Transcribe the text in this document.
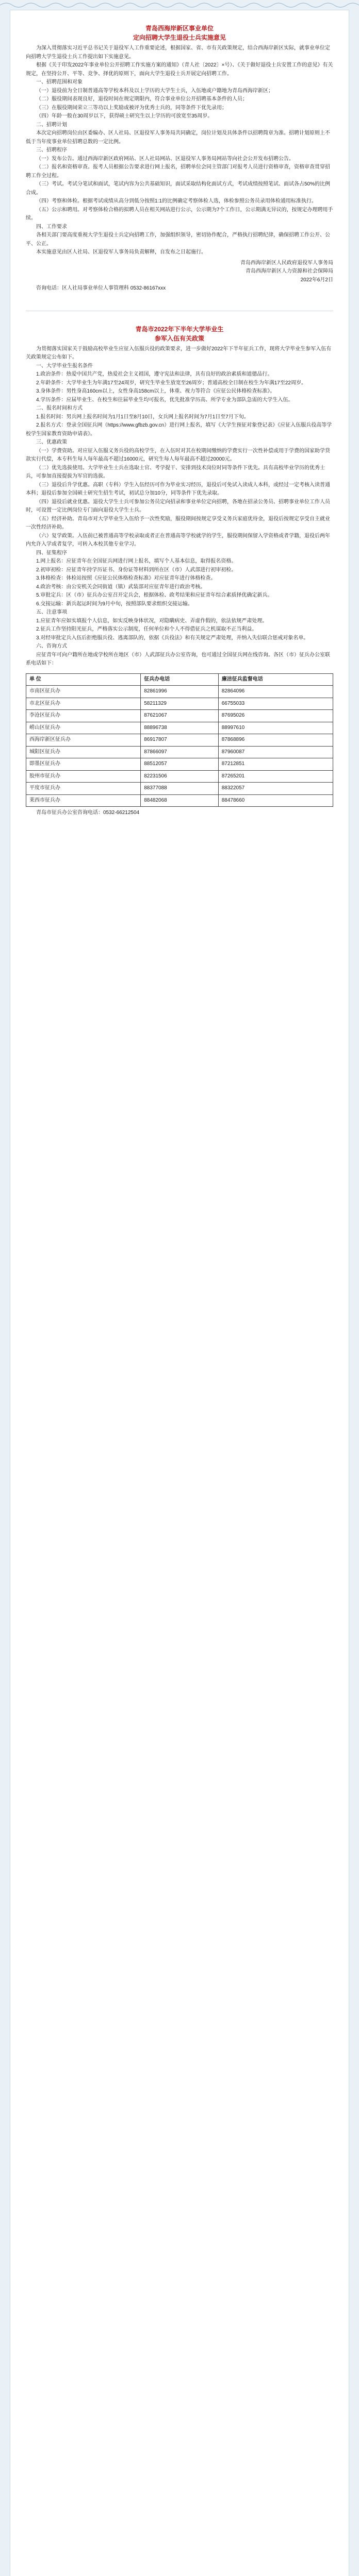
青岛西海岸新区事业单位
定向招聘大学生退役士兵实施意见

为深入贯彻落实习近平总书记关于退役军人工作重要论述，根据国家、省、市有关政策规定，结合西海岸新区实际，就事业单位定向招聘大学生退役士兵工作提出如下实施意见。

根据《关于印发2022年事业单位公开招聘工作实施方案的通知》（青人社〔2022〕×号）、《关于做好退役士兵安置工作的意见》有关规定，在坚持公开、平等、竞争、择优的原则下，面向大学生退役士兵开展定向招聘工作。

一、招聘范围和对象

（一）退役前为全日制普通高等学校本科及以上学历的大学生士兵，入伍地或户籍地为青岛西海岸新区；

（二）服役期间表现良好，退役时间在规定期限内，符合事业单位公开招聘基本条件的人员；

（三）在服役期间荣立三等功以上奖励或被评为优秀士兵的，同等条件下优先录用；

（四）年龄一般在30周岁以下，获得硕士研究生以上学历的可放宽至35周岁。

二、招聘计划

本次定向招聘岗位由区委编办、区人社局、区退役军人事务局共同确定，岗位计划及具体条件以招聘简章为准。招聘计划原则上不低于当年度事业单位招聘总数的一定比例。

三、招聘程序

（一）发布公告。通过西海岸新区政府网站、区人社局网站、区退役军人事务局网站等向社会公开发布招聘公告。

（二）报名和资格审查。报考人员根据公告要求进行网上报名，招聘单位会同主管部门对报考人员进行资格审查，资格审查贯穿招聘工作全过程。

（三）考试。考试分笔试和面试，笔试内容为公共基础知识，面试采取结构化面试方式，考试成绩按照笔试、面试各占50%的比例合成。

（四）考察和体检。根据考试成绩从高分到低分按照1:1的比例确定考察体检人选，体检参照公务员录用体检通用标准执行。

（五）公示和聘用。对考察体检合格的拟聘人员在相关网站进行公示，公示期为7个工作日，公示期满无异议的，按规定办理聘用手续。

四、工作要求

各相关部门要高度重视大学生退役士兵定向招聘工作，加强组织领导，密切协作配合，严格执行招聘纪律，确保招聘工作公开、公平、公正。

本实施意见由区人社局、区退役军人事务局负责解释，自发布之日起施行。

青岛西海岸新区人民政府退役军人事务局

青岛西海岸新区人力资源和社会保障局

2022年6月2日

咨询电话：区人社局事业单位人事管理科 0532-86167xxx

青岛市2022年下半年大学毕业生
参军入伍有关政策

为贯彻落实国家关于鼓励高校毕业生应征入伍服兵役的政策要求，进一步做好2022年下半年征兵工作，现将大学毕业生参军入伍有关政策规定公布如下。

一、大学毕业生报名条件

1.政治条件：热爱中国共产党，热爱社会主义祖国，遵守宪法和法律，具有良好的政治素质和道德品行。

2.年龄条件：大学毕业生为年满17至24周岁，研究生毕业生放宽至26周岁；普通高校全日制在校生为年满17至22周岁。

3.身体条件：男性身高160cm以上，女性身高158cm以上，体重、视力等符合《应征公民体格检查标准》。

4.学历条件：应届毕业生、在校生和往届毕业生均可报名，优先批准学历高、所学专业为部队急需的大学生入伍。

二、报名时间和方式

1.报名时间：男兵网上报名时间为1月1日至8月10日，女兵网上报名时间为7月1日至7月下旬。

2.报名方式：登录全国征兵网（https://www.gfbzb.gov.cn）进行网上报名，填写《大学生预征对象登记表》《应征入伍服兵役高等学校学生国家教育资助申请表》。

三、优惠政策

（一）学费资助。对应征入伍服义务兵役的高校学生，在入伍时对其在校期间缴纳的学费实行一次性补偿或用于学费的国家助学贷款实行代偿，本专科生每人每年最高不超过16000元，研究生每人每年最高不超过20000元。

（二）优先选拔使用。大学毕业生士兵在选取士官、考学提干、安排到技术岗位时同等条件下优先。具有高校毕业学历的优秀士兵，可参加直接提拔为军官的选拔。

（三）退役后升学优惠。高职（专科）学生入伍经历可作为毕业实习经历，退役后可免试入读成人本科，或经过一定考核入读普通本科；退役后参加全国硕士研究生招生考试，初试总分加10分，同等条件下优先录取。

（四）退役后就业优惠。退役大学生士兵可参加公务员定向招录和事业单位定向招聘，各地在招录公务员、招聘事业单位工作人员时，可设置一定比例岗位专门面向退役大学生士兵。

（五）经济补助。青岛市对大学毕业生入伍给予一次性奖励，服役期间按规定享受义务兵家庭优待金，退役后按规定享受自主就业一次性经济补助。

（六）复学政策。入伍前已被普通高等学校录取或者正在普通高等学校就学的学生，服役期间保留入学资格或者学籍，退役后两年内允许入学或者复学，可转入本校其他专业学习。

四、征集程序

1.网上报名：应征青年在全国征兵网进行网上报名，填写个人基本信息，取得报名资格。

2.初审初检：应征青年持学历证书、身份证等材料到所在区（市）人武部进行初审初检。

3.体格检查：体检站按照《应征公民体格检查标准》对应征青年进行体格检查。

4.政治考核：由公安机关会同街道（镇）武装部对应征青年进行政治考核。

5.审批定兵：区（市）征兵办公室召开定兵会，根据体检、政考结果和应征青年综合素质择优确定新兵。

6.交接运输：新兵起运时间为9月中旬，按照部队要求组织交接运输。

五、注意事项

1.应征青年应如实填报个人信息，如实反映身体状况，对隐瞒病史、弄虚作假的，依法依规严肃处理。

2.征兵工作坚持阳光征兵，严格落实公示制度，任何单位和个人不得借征兵之机谋取不正当利益。

3.对经审批定兵入伍后拒绝服兵役、逃离部队的，依据《兵役法》和有关规定严肃处理，并纳入失信联合惩戒对象名单。

六、咨询方式

应征青年可向户籍所在地或学校所在地区（市）人武部征兵办公室咨询，也可通过全国征兵网在线咨询。各区（市）征兵办公室联系电话如下：

单 位	征兵办电话	廉洁征兵监督电话
市南区征兵办	82861996	82864096
市北区征兵办	58211329	66755033
李沧区征兵办	87621067	87695026
崂山区征兵办	88896738	88997610
西海岸新区征兵办	86917807	87868896
城阳区征兵办	87866097	87960087
即墨区征兵办	88512057	87212851
胶州市征兵办	82231506	87265201
平度市征兵办	88377088	88322057
莱西市征兵办	88482068	88478660

青岛市征兵办公室咨询电话：0532-66212504
